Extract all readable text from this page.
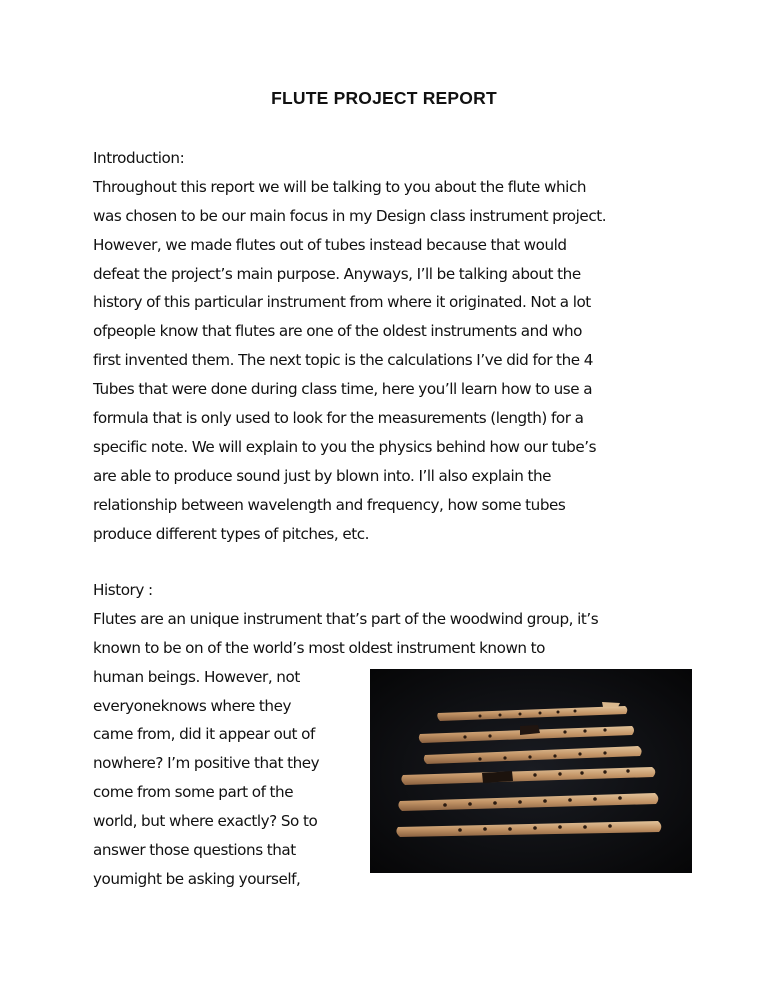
FLUTE PROJECT REPORT
Introduction:
Throughout this report we will be talking to you about the flute which
was chosen to be our main focus in my Design class instrument project.
However, we made flutes out of tubes instead because that would
defeat the project’s main purpose. Anyways, I’ll be talking about the
history of this particular instrument from where it originated. Not a lot
ofpeople know that flutes are one of the oldest instruments and who
first invented them. The next topic is the calculations I’ve did for the 4
Tubes that were done during class time, here you’ll learn how to use a
formula that is only used to look for the measurements (length) for a
specific note. We will explain to you the physics behind how our tube’s
are able to produce sound just by blown into. I’ll also explain the
relationship between wavelength and frequency, how some tubes
produce different types of pitches, etc.
History :
Flutes are an unique instrument that’s part of the woodwind group, it’s
known to be on of the world’s most oldest instrument known to
human beings. However, not
everyoneknows where they
came from, did it appear out of
nowhere? I’m positive that they
come from some part of the
world, but where exactly? So to
answer those questions that
youmight be asking yourself,
